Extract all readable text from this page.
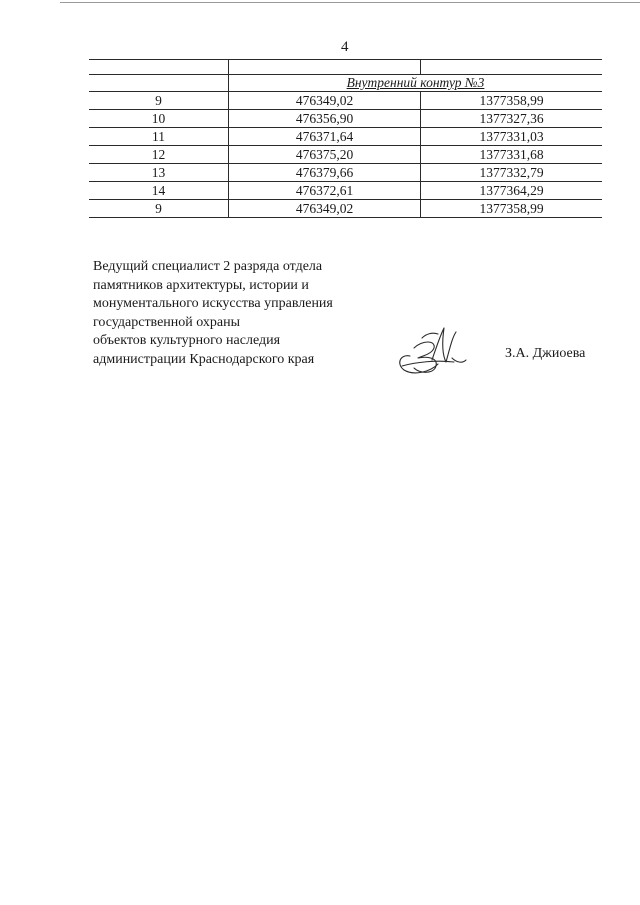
4

	Внутренний контур №3	
9	476349,02	1377358,99
10	476356,90	1377327,36
11	476371,64	1377331,03
12	476375,20	1377331,68
13	476379,66	1377332,79
14	476372,61	1377364,29
9	476349,02	1377358,99
Ведущий специалист 2 разряда отдела
памятников архитектуры, истории и
монументального искусства управления
государственной охраны
объектов культурного наследия
администрации Краснодарского края	З.А. Джиоева
